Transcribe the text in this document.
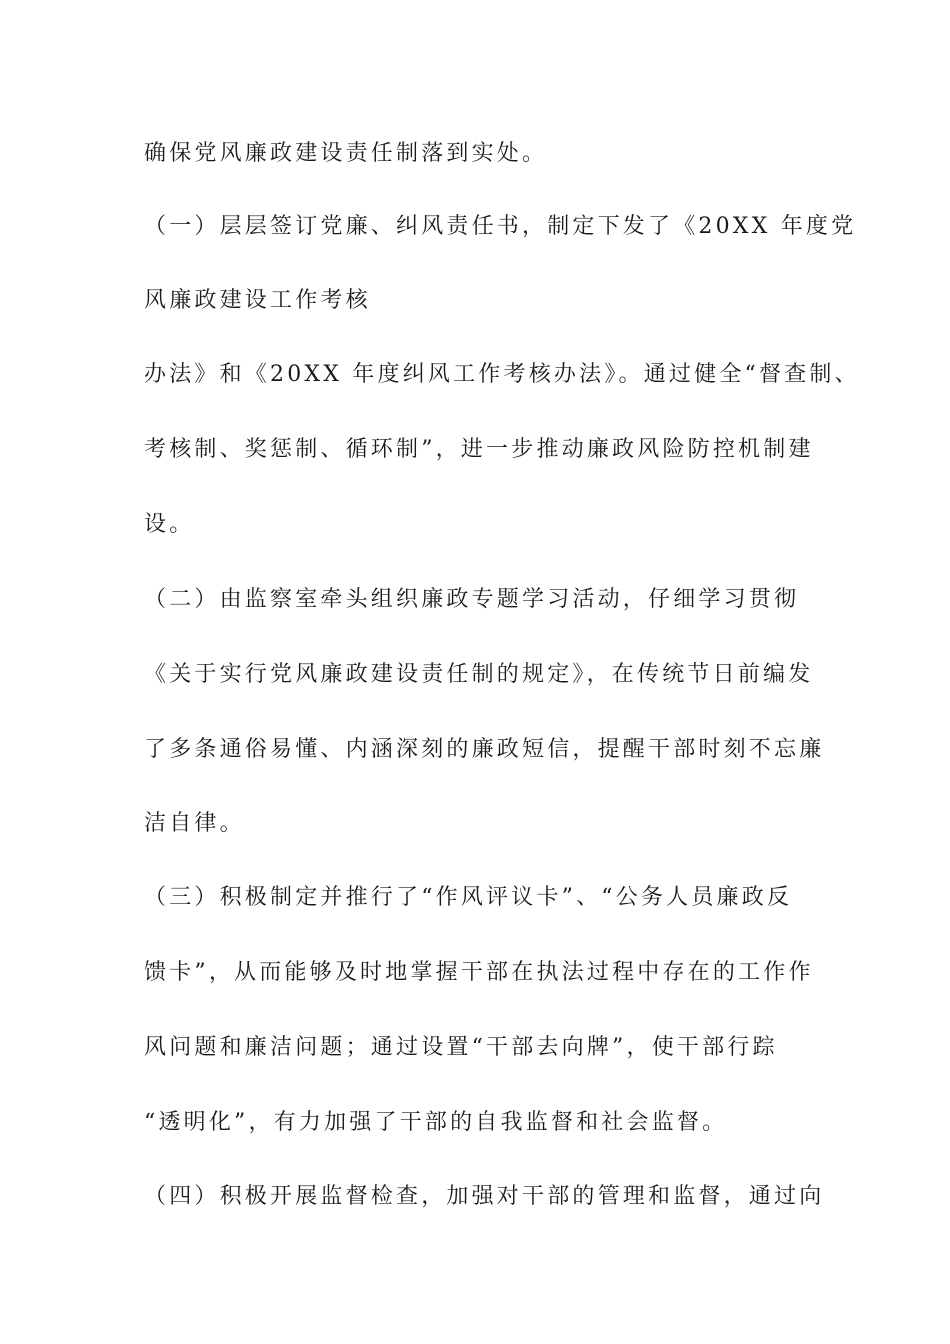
确保党风廉政建设责任制落到实处。
（一）层层签订党廉、纠风责任书，制定下发了《20XX 年度党
风廉政建设工作考核
办法》和《20XX 年度纠风工作考核办法》。通过健全“督查制、
考核制、奖惩制、循环制”，进一步推动廉政风险防控机制建
设。
（二）由监察室牵头组织廉政专题学习活动，仔细学习贯彻
《关于实行党风廉政建设责任制的规定》，在传统节日前编发
了多条通俗易懂、内涵深刻的廉政短信，提醒干部时刻不忘廉
洁自律。
（三）积极制定并推行了“作风评议卡”、“公务人员廉政反
馈卡”，从而能够及时地掌握干部在执法过程中存在的工作作
风问题和廉洁问题；通过设置“干部去向牌”，使干部行踪
“透明化”，有力加强了干部的自我监督和社会监督。
（四）积极开展监督检查，加强对干部的管理和监督，通过向
